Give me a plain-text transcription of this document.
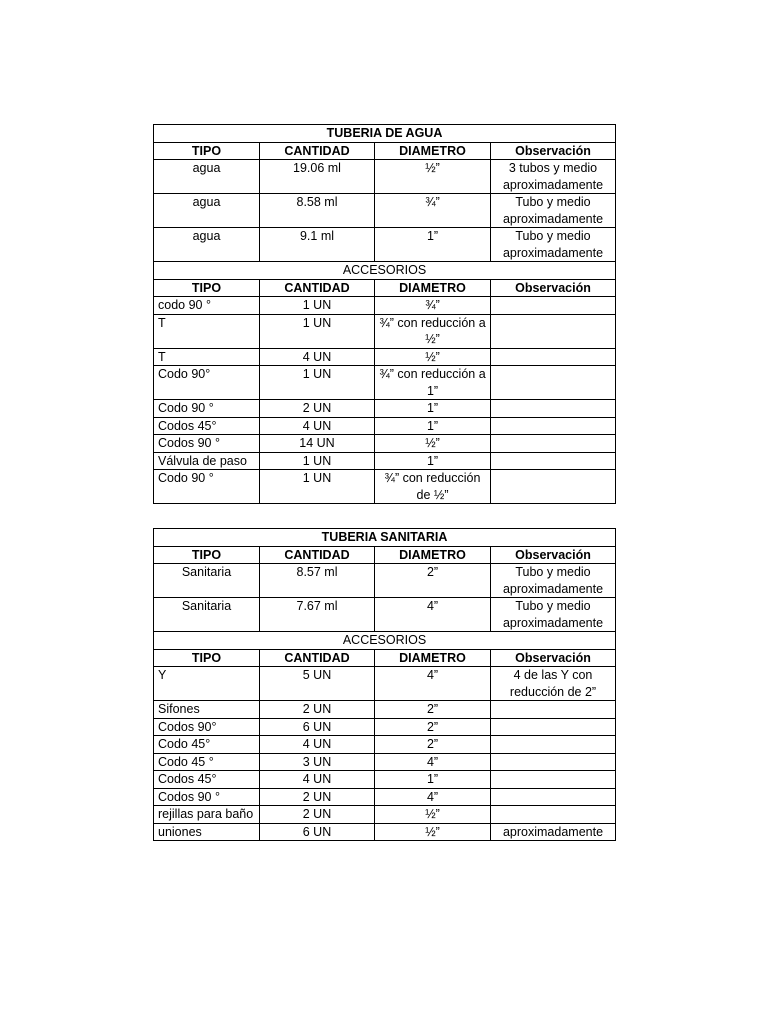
TUBERIA DE AGUA			
TIPO	CANTIDAD	DIAMETRO	Observación
agua	19.06 ml	½”	3 tubos y medio aproximadamente
agua	8.58 ml	¾”	Tubo y medio aproximadamente
agua	9.1 ml	1”	Tubo y medio aproximadamente
ACCESORIOS			
TIPO	CANTIDAD	DIAMETRO	Observación
codo 90 °	1 UN	¾”	
T	1 UN	¾” con reducción a ½”	
T	4 UN	½”	
Codo 90°	1 UN	¾” con reducción a 1”	
Codo 90 °	2 UN	1”	
Codos 45°	4 UN	1”	
Codos 90 °	14 UN	½”	
Válvula de paso	1 UN	1”	
Codo 90 °	1 UN	¾” con reducción de ½”	
TUBERIA SANITARIA			
TIPO	CANTIDAD	DIAMETRO	Observación
Sanitaria	8.57 ml	2”	Tubo y medio aproximadamente
Sanitaria	7.67 ml	4”	Tubo y medio aproximadamente
ACCESORIOS			
TIPO	CANTIDAD	DIAMETRO	Observación
Y	5 UN	4”	4 de las Y con reducción de 2”
Sifones	2 UN	2”	
Codos 90°	6 UN	2”	
Codo 45°	4 UN	2”	
Codo 45 °	3 UN	4”	
Codos 45°	4 UN	1”	
Codos 90 °	2 UN	4”	
rejillas para baño	2 UN	½”	
uniones	6 UN	½”	aproximadamente
